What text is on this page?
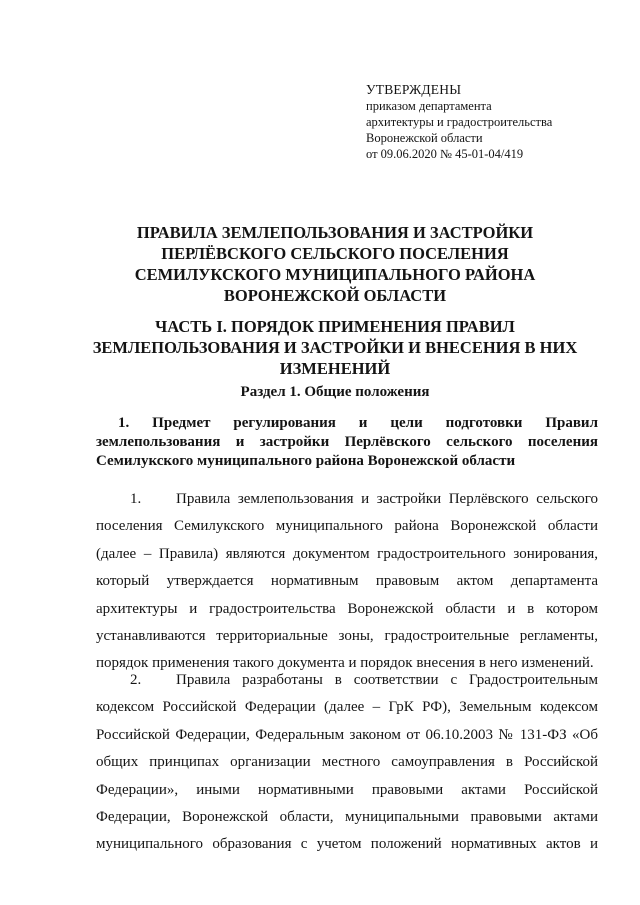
УТВЕРЖДЕНЫ
приказом департамента
архитектуры и градостроительства
Воронежской области
от 09.06.2020 № 45-01-04/419
ПРАВИЛА ЗЕМЛЕПОЛЬЗОВАНИЯ И ЗАСТРОЙКИ
ПЕРЛЁВСКОГО СЕЛЬСКОГО ПОСЕЛЕНИЯ
СЕМИЛУКСКОГО МУНИЦИПАЛЬНОГО РАЙОНА
ВОРОНЕЖСКОЙ ОБЛАСТИ
ЧАСТЬ I. ПОРЯДОК ПРИМЕНЕНИЯ ПРАВИЛ
ЗЕМЛЕПОЛЬЗОВАНИЯ И ЗАСТРОЙКИ И ВНЕСЕНИЯ В НИХ
ИЗМЕНЕНИЙ
Раздел 1. Общие положения
1. Предмет регулирования и цели подготовки Правил
землепользования и застройки Перлёвского сельского поселения
Семилукского муниципального района Воронежской области
1. Правила землепользования и застройки Перлёвского сельского
поселения Семилукского муниципального района Воронежской области
(далее – Правила) являются документом градостроительного зонирования,
который утверждается нормативным правовым актом департамента
архитектуры и градостроительства Воронежской области и в котором
устанавливаются территориальные зоны, градостроительные регламенты,
порядок применения такого документа и порядок внесения в него изменений.
2. Правила разработаны в соответствии с Градостроительным
кодексом Российской Федерации (далее – ГрК РФ), Земельным кодексом
Российской Федерации, Федеральным законом от 06.10.2003 № 131-ФЗ «Об
общих принципах организации местного самоуправления в Российской
Федерации», иными нормативными правовыми актами Российской
Федерации, Воронежской области, муниципальными правовыми актами
муниципального образования с учетом положений нормативных актов и
